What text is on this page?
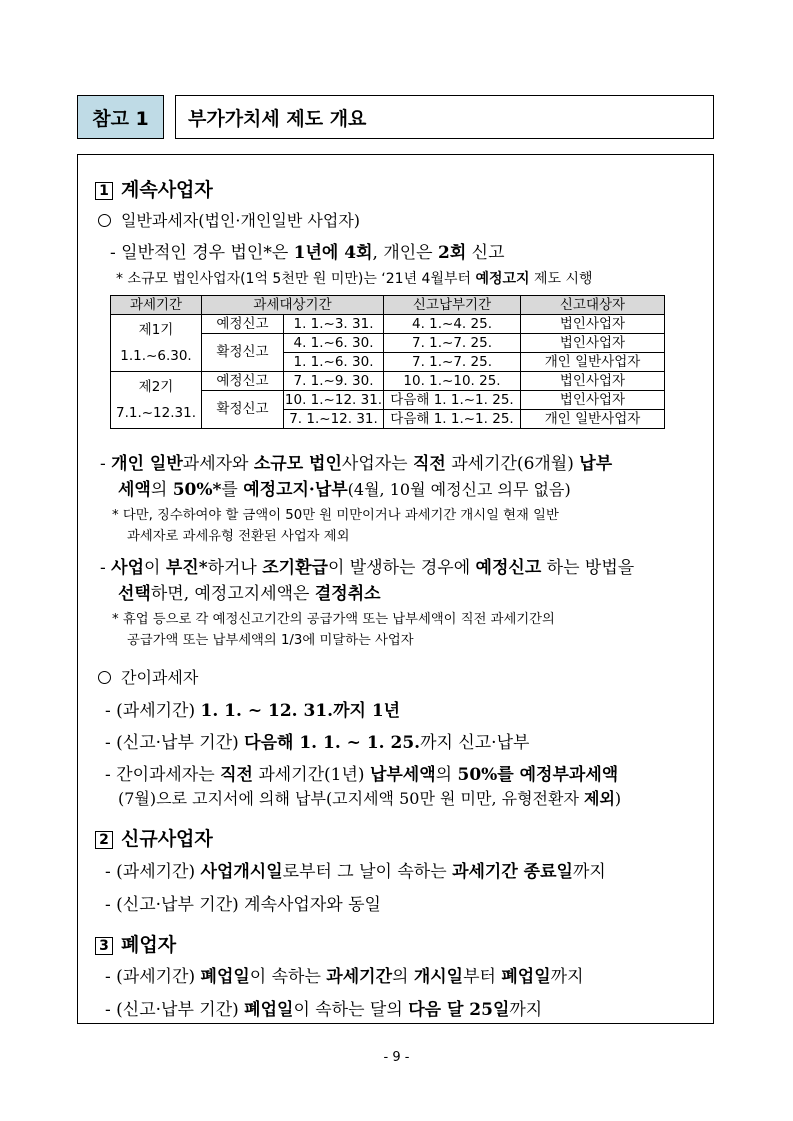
참고 1	부가가치세 제도 개요
1 계속사업자
일반과세자(법인·개인일반 사업자)
- 일반적인 경우 법인*은 1년에 4회, 개인은 2회 신고
* 소규모 법인사업자(1억 5천만 원 미만)는 ‘21년 4월부터 예정고지 제도 시행
과세기간	과세대상기간		신고납부기간	신고대상자
제1기
1.1.~6.30.	예정신고	1. 1.~3. 31.	4. 1.~4. 25.	법인사업자
	확정신고	4. 1.~6. 30.	7. 1.~7. 25.	법인사업자
		1. 1.~6. 30.	7. 1.~7. 25.	개인 일반사업자
제2기
7.1.~12.31.	예정신고	7. 1.~9. 30.	10. 1.~10. 25.	법인사업자
	확정신고	10. 1.~12. 31.	다음해 1. 1.~1. 25.	법인사업자
		7. 1.~12. 31.	다음해 1. 1.~1. 25.	개인 일반사업자
- 개인 일반과세자와 소규모 법인사업자는 직전 과세기간(6개월) 납부
세액의 50%*를 예정고지·납부(4월, 10월 예정신고 의무 없음)
* 다만, 징수하여야 할 금액이 50만 원 미만이거나 과세기간 개시일 현재 일반
과세자로 과세유형 전환된 사업자 제외
- 사업이 부진*하거나 조기환급이 발생하는 경우에 예정신고 하는 방법을
선택하면, 예정고지세액은 결정취소
* 휴업 등으로 각 예정신고기간의 공급가액 또는 납부세액이 직전 과세기간의
공급가액 또는 납부세액의 1/3에 미달하는 사업자
간이과세자
- (과세기간) 1. 1. ~ 12. 31.까지 1년
- (신고·납부 기간) 다음해 1. 1. ~ 1. 25.까지 신고·납부
- 간이과세자는 직전 과세기간(1년) 납부세액의 50%를 예정부과세액
(7월)으로 고지서에 의해 납부(고지세액 50만 원 미만, 유형전환자 제외)
2 신규사업자
- (과세기간) 사업개시일로부터 그 날이 속하는 과세기간 종료일까지
- (신고·납부 기간) 계속사업자와 동일
3 폐업자
- (과세기간) 폐업일이 속하는 과세기간의 개시일부터 폐업일까지
- (신고·납부 기간) 폐업일이 속하는 달의 다음 달 25일까지
- 9 -
